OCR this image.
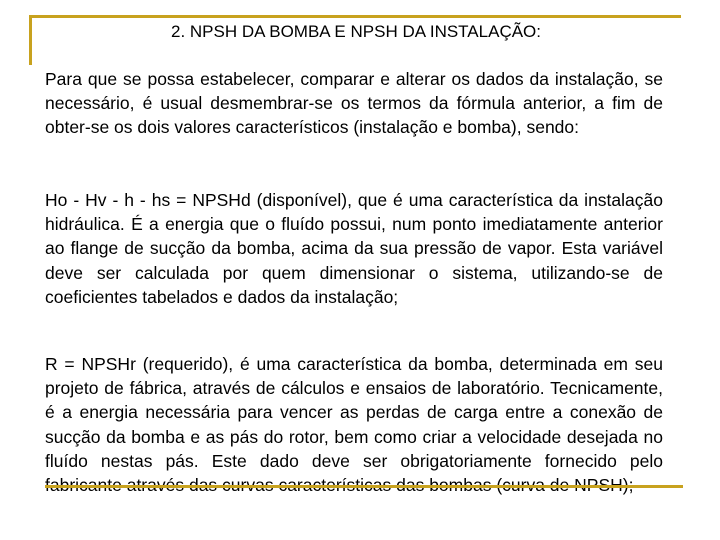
2. NPSH DA BOMBA E NPSH DA INSTALAÇÃO:

Para que se possa estabelecer, comparar e alterar os dados da instalação, se necessário, é usual desmembrar-se os termos da fórmula anterior, a fim de obter-se os dois valores característicos (instalação e bomba), sendo:

Ho - Hv - h - hs = NPSHd (disponível), que é uma característica da instalação hidráulica. É a energia que o fluído possui, num ponto imediatamente anterior ao flange de sucção da bomba, acima da sua pressão de vapor. Esta variável deve ser calculada por quem dimensionar o sistema, utilizando-se de coeficientes tabelados e dados da instalação;

R = NPSHr (requerido), é uma característica da bomba, determinada em seu projeto de fábrica, através de cálculos e ensaios de laboratório. Tecnicamente, é a energia necessária para vencer as perdas de carga entre a conexão de sucção da bomba e as pás do rotor, bem como criar a velocidade desejada no fluído nestas pás. Este dado deve ser obrigatoriamente fornecido pelo
